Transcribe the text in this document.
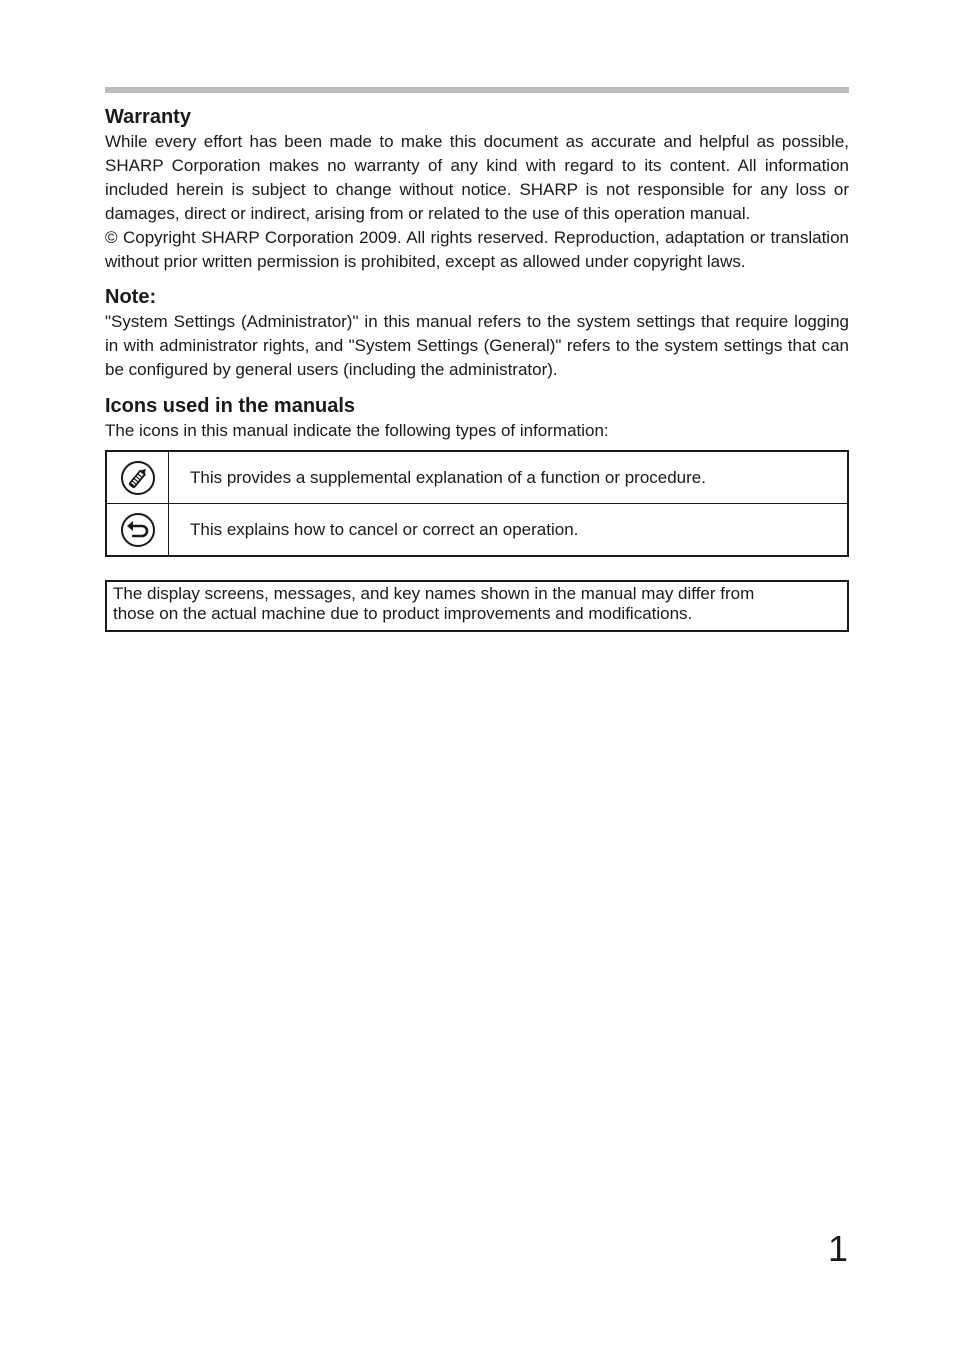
Warranty

While every effort has been made to make this document as accurate and helpful as possible, SHARP Corporation makes no warranty of any kind with regard to its content. All information included herein is subject to change without notice. SHARP is not responsible for any loss or damages, direct or indirect, arising from or related to the use of this operation manual.

© Copyright SHARP Corporation 2009. All rights reserved. Reproduction, adaptation or translation without prior written permission is prohibited, except as allowed under copyright laws.

Note:

"System Settings (Administrator)" in this manual refers to the system settings that require logging in with administrator rights, and "System Settings (General)" refers to the system settings that can be configured by general users (including the administrator).

Icons used in the manuals

The icons in this manual indicate the following types of information:

	This provides a supplemental explanation of a function or procedure.

	This explains how to cancel or correct an operation.
The display screens, messages, and key names shown in the manual may differ from
those on the actual machine due to product improvements and modifications.
1
